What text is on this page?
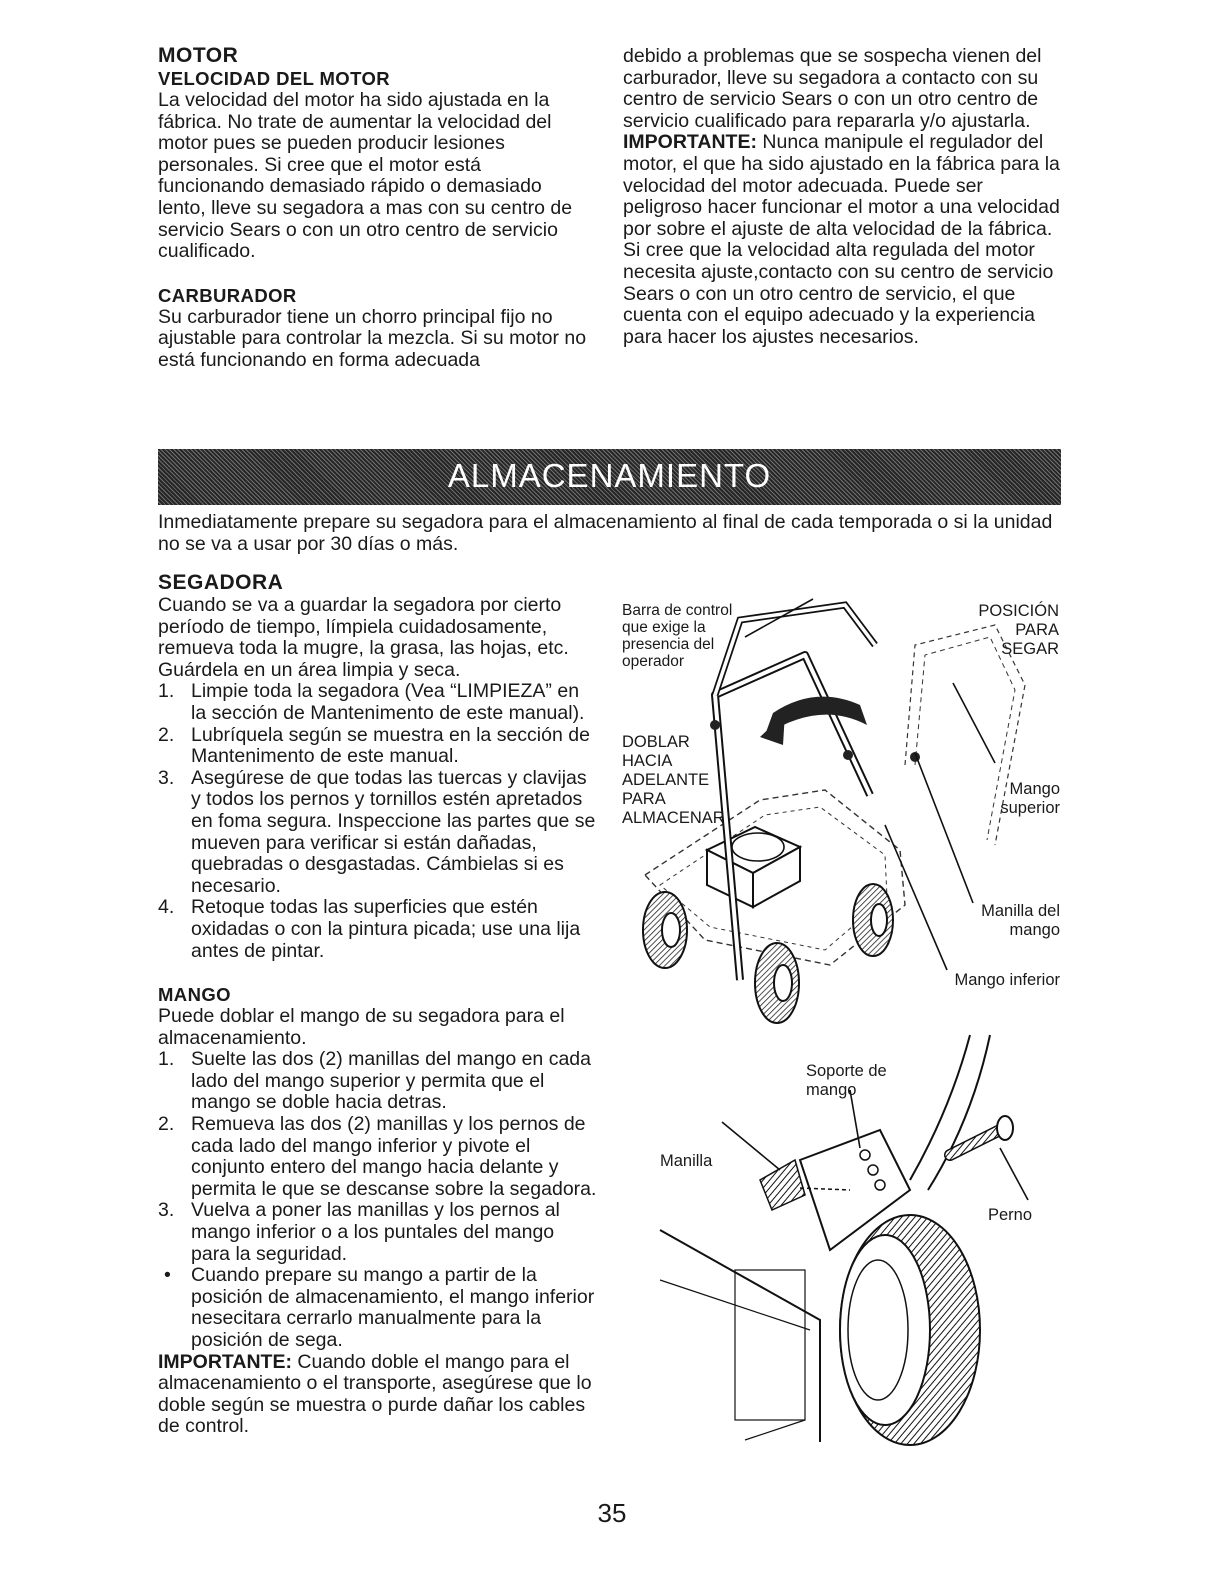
MOTOR

VELOCIDAD DEL MOTOR

La velocidad del motor ha sido ajustada en la fábrica. No trate de aumentar la velocidad del motor pues se pueden producir lesiones personales. Si cree que el motor está funcionando demasiado rápido o demasiado lento, lleve su segadora a mas con su centro de servicio Sears o con un otro centro de servicio cualificado.

CARBURADOR

Su carburador tiene un chorro principal fijo no ajustable para controlar la mezcla. Si su motor no está funcionando en forma adecuada

debido a problemas que se sospecha vienen del carburador, lleve su segadora a contacto con su centro de servicio Sears o con un otro centro de servicio cualificado para repararla y/o ajustarla.

IMPORTANTE: Nunca manipule el regulador del motor, el que ha sido ajustado en la fábrica para la velocidad del motor adecuada. Puede ser peligroso hacer funcionar el motor a una velocidad por sobre el ajuste de alta velocidad de la fábrica. Si cree que la velocidad alta regulada del motor necesita ajuste,contacto con su centro de servicio Sears o con un otro centro de servicio, el que cuenta con el equipo adecuado y la experiencia para hacer los ajustes necesarios.

ALMACENAMIENTO
Inmediatamente prepare su segadora para el almacenamiento al final de cada temporada o si la unidad no se va a usar por 30 días o más.

SEGADORA

Cuando se va a guardar la segadora por cierto período de tiempo, límpiela cuidadosamente, remueva toda la mugre, la grasa, las hojas, etc. Guárdela en un área limpia y seca.

1. Limpie toda la segadora (Vea “LIMPIEZA” en la sección de Mantenimento de este manual).
2. Lubríquela según se muestra en la sección de Mantenimento de este manual.
3. Asegúrese de que todas las tuercas y clavijas y todos los pernos y tornillos estén apretados en foma segura. Inspeccione las partes que se mueven para verificar si están dañadas, quebradas o desgastadas. Cámbielas si es necesario.
4. Retoque todas las superficies que estén oxidadas o con la pintura picada; use una lija antes de pintar.

MANGO

Puede doblar el mango de su segadora para el almacenamiento.

1. Suelte las dos (2) manillas del mango en cada lado del mango superior y permita que el mango se doble hacia detras.
2. Remueva las dos (2) manillas y los pernos de cada lado del mango inferior y pivote el conjunto entero del mango hacia delante y permita le que se descanse sobre la segadora.
3. Vuelva a poner las manillas y los pernos al mango inferior o a los puntales del mango para la seguridad.
• Cuando prepare su mango a partir de la posición de almacenamiento, el mango inferior nesecitara cerrarlo manualmente para la posición de sega.

IMPORTANTE: Cuando doble el mango para el almacenamiento o el transporte, asegúrese que lo doble según se muestra o purde dañar los cables de control.

Barra de control que exige la presencia del operador
POSICIÓN PARA SEGAR
DOBLAR HACIA ADELANTE PARA ALMACENAR
Mango superior
Manilla del mango
Mango inferior
Soporte de mango
Manilla
Perno
35
